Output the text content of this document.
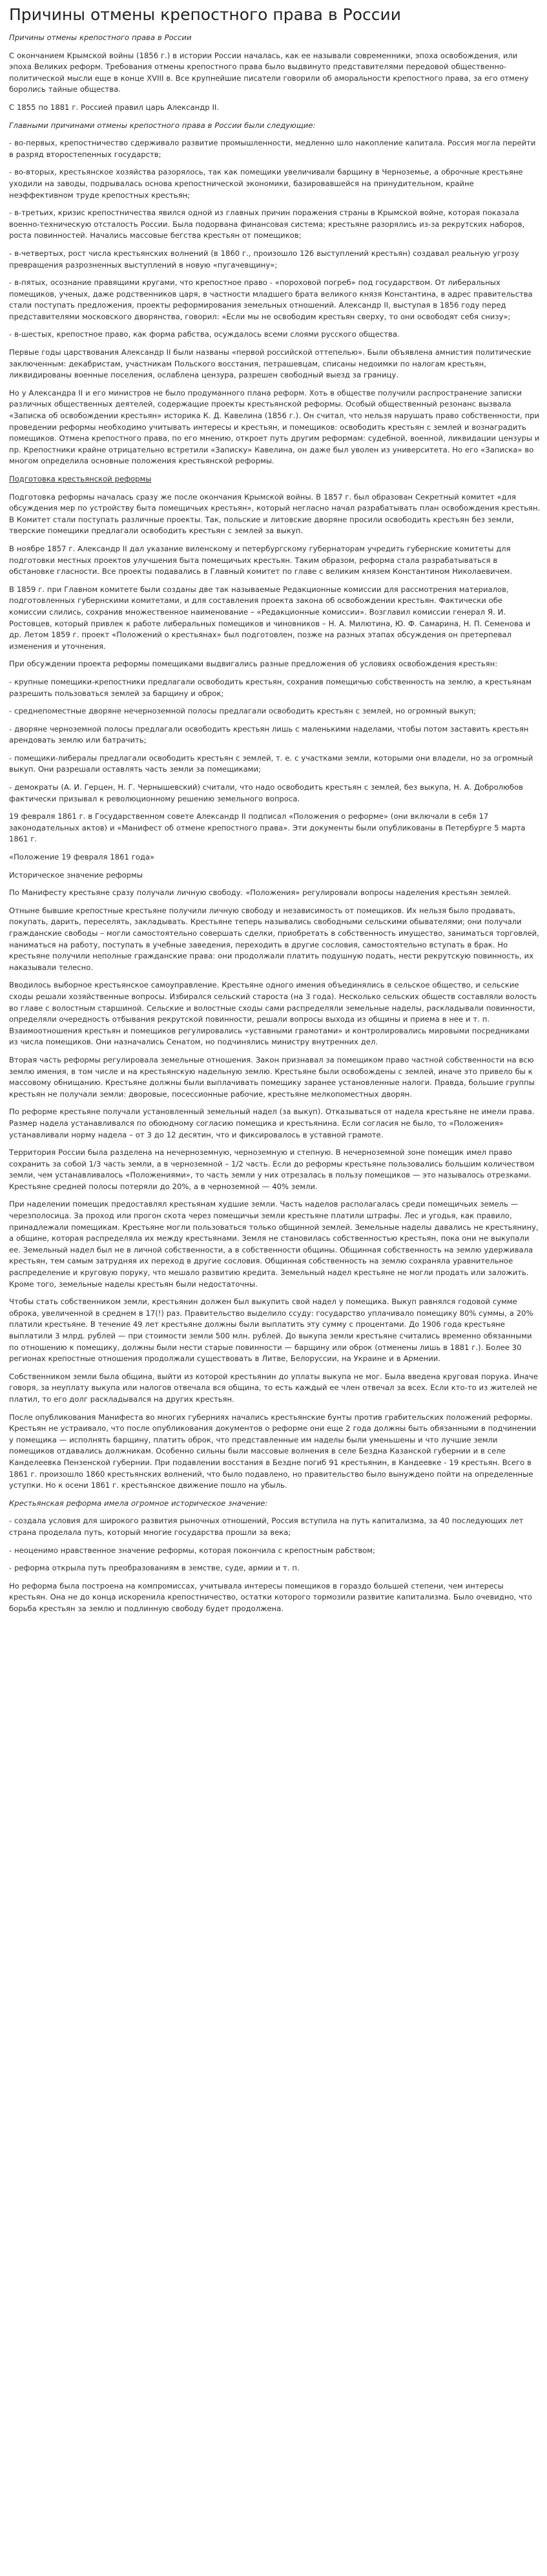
Причины отмены крепостного права в России

Причины отмены крепостного права в России

С окончанием Крымской войны (1856 г.) в истории России началась, как ее называли современники, эпоха освобождения, или эпоха Великих реформ. Требования отмены крепостного права было выдвинуто представителями передовой общественно-политической мысли еще в конце XVIII в. Все крупнейшие писатели говорили об аморальности крепостного права, за его отмену боролись тайные общества.

С 1855 по 1881 г. Россией правил царь Александр II.

Главными причинами отмены крепостного права в России были следующие:

- во-первых, крепостничество сдерживало развитие промышленности, медленно шло накопление капитала. Россия могла перейти в разряд второстепенных государств;

- во-вторых, крестьянское хозяйства разорялось, так как помещики увеличивали барщину в Черноземье, а оброчные крестьяне уходили на заводы, подрывалась основа крепостнической экономики, базировавшейся на принудительном, крайне неэффективном труде крепостных крестьян;

- в-третьих, кризис крепостничества явился одной из главных причин поражения страны в Крымской войне, которая показала военно-техническую отсталость России. Была подорвана финансовая система; крестьяне разорялись из-за рекрутских наборов, роста повинностей. Начались массовые бегства крестьян от помещиков;

- в-четвертых, рост числа крестьянских волнений (в 1860 г., произошло 126 выступлений крестьян) создавал реальную угрозу превращения разрозненных выступлений в новую «пугачевщину»;

- в-пятых, осознание правящими кругами, что крепостное право - «пороховой погреб» под государством. От либеральных помещиков, ученых, даже родственников царя, в частности младшего брата великого князя Константина, в адрес правительства стали поступать предложения, проекты реформирования земельных отношений. Александр II, выступая в 1856 году перед представителями московского дворянства, говорил: «Если мы не освободим крестьян сверху, то они освободят себя снизу»;

- в-шестых, крепостное право, как форма рабства, осуждалось всеми слоями русского общества.

Первые годы царствования Александр II были названы «первой российской оттепелью». Были объявлена амнистия политические заключенным: декабристам, участникам Польского восстания, петрашевцам, списаны недоимки по налогам крестьян, ликвидированы военные поселения, ослаблена цензура, разрешен свободный выезд за границу.

Но у Александра II и его министров не было продуманного плана реформ. Хоть в обществе получили распространение записки различных общественных деятелей, содержащие проекты крестьянской реформы. Особый общественный резонанс вызвала «Записка об освобождении крестьян» историка К. Д. Кавелина (1856 г.). Он считал, что нельзя нарушать право собственности, при проведении реформы необходимо учитывать интересы и крестьян, и помещиков: освободить крестьян с землей и вознаградить помещиков. Отмена крепостного права, по его мнению, откроет путь другим реформам: судебной, военной, ликвидации цензуры и пр. Крепостники крайне отрицательно встретили «Записку» Кавелина, он даже был уволен из университета. Но его «Записка» во многом определила основные положения крестьянской реформы.

Подготовка крестьянской реформы

Подготовка реформы началась сразу же после окончания Крымской войны. В 1857 г. был образован Секретный комитет «для обсуждения мер по устройству быта помещичьих крестьян», который негласно начал разрабатывать план освобождения крестьян. В Комитет стали поступать различные проекты. Так, польские и литовские дворяне просили освободить крестьян без земли, тверские помещики предлагали освободить крестьян с землей за выкуп.

В ноябре 1857 г. Александр II дал указание виленскому и петербургскому губернаторам учредить губернские комитеты для подготовки местных проектов улучшения быта помещичьих крестьян. Таким образом, реформа стала разрабатываться в обстановке гласности. Все проекты подавались в Главный комитет по главе с великим князем Константином Николаевичем.

В 1859 г. при Главном комитете были созданы две так называемые Редакционные комиссии для рассмотрения материалов, подготовленных губернскими комитетами, и для составления проекта закона об освобождении крестьян. Фактически обе комиссии слились, сохранив множественное наименование – «Редакционные комиссии». Возглавил комиссии генерал Я. И. Ростовцев, который привлек к работе либеральных помещиков и чиновников – Н. А. Милютина, Ю. Ф. Самарина, Н. П. Семенова и др. Летом 1859 г. проект «Положений о крестьянах» был подготовлен, позже на разных этапах обсуждения он претерпевал изменения и уточнения.

При обсуждении проекта реформы помещиками выдвигались разные предложения об условиях освобождения крестьян:

- крупные помещики-крепостники предлагали освободить крестьян, сохранив помещичью собственность на землю, а крестьянам разрешить пользоваться землей за барщину и оброк;

- среднепоместные дворяне нечерноземной полосы предлагали освободить крестьян с землей, но огромный выкуп;

- дворяне черноземной полосы предлагали освободить крестьян лишь с маленькими наделами, чтобы потом заставить крестьян арендовать землю или батрачить;

- помещики-либералы предлагали освободить крестьян с землей, т. е. с участками земли, которыми они владели, но за огромный выкуп. Они разрешали оставлять часть земли за помещиками;

- демократы (А. И. Герцен, Н. Г. Чернышевский) считали, что надо освободить крестьян с землей, без выкупа, Н. А. Добролюбов фактически призывал к революционному решению земельного вопроса.

19 февраля 1861 г. в Государственном совете Александр II подписал «Положения о реформе» (они включали в себя 17 законодательных актов) и «Манифест об отмене крепостного права». Эти документы были опубликованы в Петербурге 5 марта 1861 г.

«Положение 19 февраля 1861 года»

Историческое значение реформы

По Манифесту крестьяне сразу получали личную свободу. «Положения» регулировали вопросы наделения крестьян землей.

Отныне бывшие крепостные крестьяне получили личную свободу и независимость от помещиков. Их нельзя было продавать, покупать, дарить, переселять, закладывать. Крестьяне теперь назывались свободными сельскими обывателями; они получали гражданские свободы – могли самостоятельно совершать сделки, приобретать в собственность имущество, заниматься торговлей, наниматься на работу, поступать в учебные заведения, переходить в другие сословия, самостоятельно вступать в брак. Но крестьяне получили неполные гражданские права: они продолжали платить подушную подать, нести рекрутскую повинность, их наказывали телесно.

Вводилось выборное крестьянское самоуправление. Крестьяне одного имения объединялись в сельское общество, и сельские сходы решали хозяйственные вопросы. Избирался сельский староста (на 3 года). Несколько сельских обществ составляли волость во главе с волостным старшиной. Сельские и волостные сходы сами распределяли земельные наделы, раскладывали повинности, определяли очередность отбывания рекрутской повинности, решали вопросы выхода из общины и приема в нее и т. п. Взаимоотношения крестьян и помещиков регулировались «уставными грамотами» и контролировались мировыми посредниками из числа помещиков. Они назначались Сенатом, но подчинялись министру внутренних дел.

Вторая часть реформы регулировала земельные отношения. Закон признавал за помещиком право частной собственности на всю землю имения, в том числе и на крестьянскую надельную землю. Крестьяне были освобождены с землей, иначе это привело бы к массовому обнищанию. Крестьяне должны были выплачивать помещику заранее установленные налоги. Правда, большие группы крестьян не получали земли: дворовые, посессионные рабочие, крестьяне мелкопоместных дворян.

По реформе крестьяне получали установленный земельный надел (за выкуп). Отказываться от надела крестьяне не имели права. Размер надела устанавливался по обоюдному согласию помещика и крестьянина. Если согласия не было, то «Положения» устанавливали норму надела – от 3 до 12 десятин, что и фиксировалось в уставной грамоте.

Территория России была разделена на нечерноземную, черноземную и степную. В нечерноземной зоне помещик имел право сохранить за собой 1/3 часть земли, а в черноземной – 1/2 часть. Если до реформы крестьяне пользовались большим количеством земли, чем устанавливалось «Положениями», то часть земли у них отрезалась в пользу помещиков — это называлось отрезками. Крестьяне средней полосы потеряли до 20%, а в черноземной — 40% земли.

При наделении помещик предоставлял крестьянам худшие земли. Часть наделов располагалась среди помещичьих земель — черезполосица. За проход или прогон скота через помещичьи земли крестьяне платили штрафы. Лес и угодья, как правило, принадлежали помещикам. Крестьяне могли пользоваться только общинной землей. Земельные наделы давались не крестьянину, а общине, которая распределяла их между крестьянами. Земля не становилась собственностью крестьян, пока они не выкупали ее. Земельный надел был не в личной собственности, а в собственности общины. Общинная собственность на землю удерживала крестьян, тем самым затрудняя их переход в другие сословия. Общинная собственность на землю сохраняла уравнительное распределение и круговую поруку, что мешало развитию кредита. Земельный надел крестьяне не могли продать или заложить. Кроме того, земельные наделы крестьян были недостаточны.

Чтобы стать собственником земли, крестьянин должен был выкупить свой надел у помещика. Выкуп равнялся годовой сумме оброка, увеличенной в среднем в 17(!) раз. Правительство выделило ссуду: государство уплачивало помещику 80% суммы, а 20% платили крестьяне. В течение 49 лет крестьяне должны были выплатить эту сумму с процентами. До 1906 года крестьяне выплатили 3 млрд. рублей — при стоимости земли 500 млн. рублей. До выкупа земли крестьяне считались временно обязанными по отношению к помещику, должны были нести старые повинности — барщину или оброк (отменены лишь в 1881 г.). Более 30 регионах крепостные отношения продолжали существовать в Литве, Белоруссии, на Украине и в Армении.

Собственником земли была община, выйти из которой крестьянин до уплаты выкупа не мог. Была введена круговая порука. Иначе говоря, за неуплату выкупа или налогов отвечала вся община, то есть каждый ее член отвечал за всех. Если кто-то из жителей не платил, то его долг раскладывался на других крестьян.

После опубликования Манифеста во многих губерниях начались крестьянские бунты против грабительских положений реформы. Крестьян не устраивало, что после опубликования документов о реформе они еще 2 года должны быть обязанными в подчинении у помещика — исполнять барщину, платить оброк, что представленные им наделы были уменьшены и что лучшие земли помещиков отдавались должникам. Особенно сильны были массовые волнения в селе Бездна Казанской губернии и в селе Канделеевка Пензенской губернии. При подавлении восстания в Бездне погиб 91 крестьянин, в Кандеевке - 19 крестьян. Всего в 1861 г. произошло 1860 крестьянских волнений, что было подавлено, но правительство было вынуждено пойти на определенные уступки. Но к осени 1861 г. крестьянское движение пошло на убыль.

Крестьянская реформа имела огромное историческое значение:

- создала условия для широкого развития рыночных отношений, Россия вступила на путь капитализма, за 40 последующих лет страна проделала путь, который многие государства прошли за века;

- неоценимо нравственное значение реформы, которая покончила с крепостным рабством;

- реформа открыла путь преобразованиям в земстве, суде, армии и т. п.

Но реформа была построена на компромиссах, учитывала интересы помещиков в гораздо большей степени, чем интересы крестьян. Она не до конца искоренила крепостничество, остатки которого тормозили развитие капитализма. Было очевидно, что борьба крестьян за землю и подлинную свободу будет продолжена.
